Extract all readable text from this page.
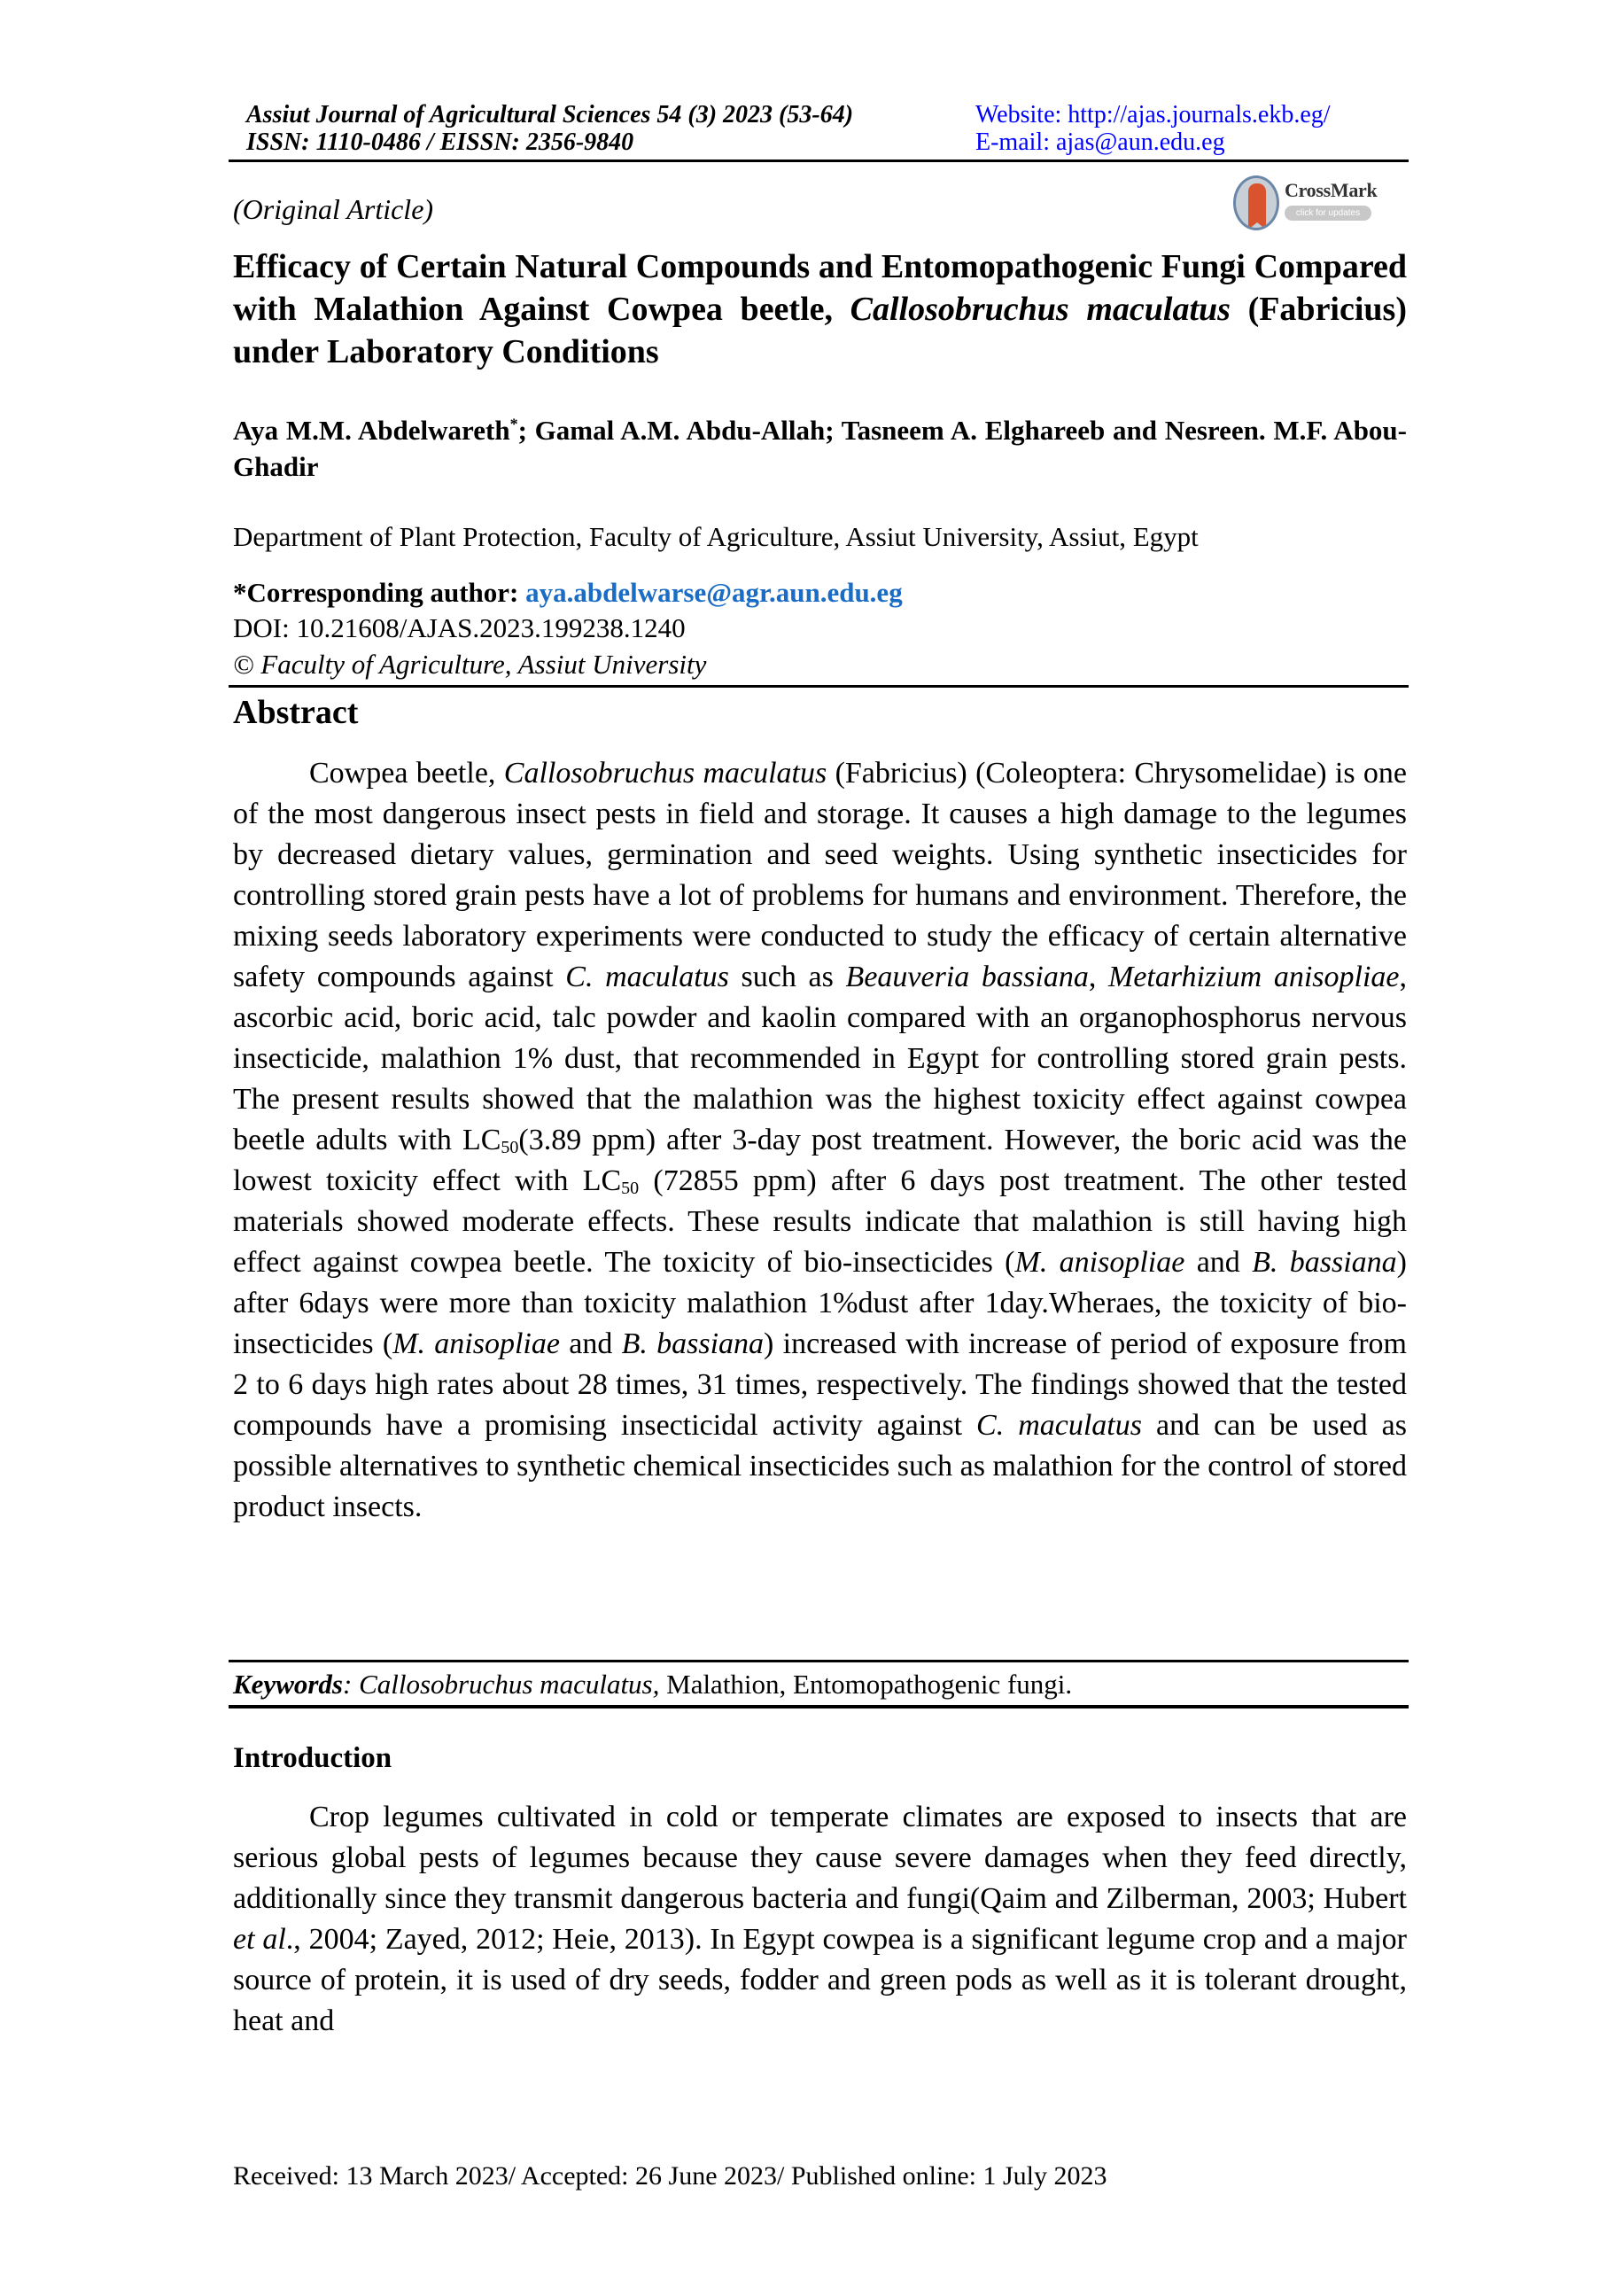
Assiut Journal of Agricultural Sciences 54 (3) 2023 (53-64)
ISSN: 1110-0486 / EISSN: 2356-9840
Website: http://ajas.journals.ekb.eg/
E-mail: ajas@aun.edu.eg
(Original Article)
CrossMark
click for updates
Efficacy of Certain Natural Compounds and Entomopathogenic Fungi Compared with Malathion Against Cowpea beetle, Callosobruchus maculatus (Fabricius) under Laboratory Conditions
Aya M.M. Abdelwareth*; Gamal A.M. Abdu-Allah; Tasneem A. Elghareeb and Nesreen. M.F. Abou-Ghadir
Department of Plant Protection, Faculty of Agriculture, Assiut University, Assiut, Egypt
*Corresponding author: aya.abdelwarse@agr.aun.edu.eg
DOI: 10.21608/AJAS.2023.199238.1240
© Faculty of Agriculture, Assiut University
Abstract

Cowpea beetle, Callosobruchus maculatus (Fabricius) (Coleoptera: Chrysomelidae) is one of the most dangerous insect pests in field and storage. It causes a high damage to the legumes by decreased dietary values, germination and seed weights. Using synthetic insecticides for controlling stored grain pests have a lot of problems for humans and environment. Therefore, the mixing seeds laboratory experiments were conducted to study the efficacy of certain alternative safety compounds against C. maculatus such as Beauveria bassiana, Metarhizium anisopliae, ascorbic acid, boric acid, talc powder and kaolin compared with an organophosphorus nervous insecticide, malathion 1% dust, that recommended in Egypt for controlling stored grain pests. The present results showed that the malathion was the highest toxicity effect against cowpea beetle adults with $LC_{50}(3.89$ ppm) after 3-day post treatment. However, the boric acid was the lowest toxicity effect with $LC_{50}$ (72855 ppm) after 6 days post treatment. The other tested materials showed moderate effects. These results indicate that malathion is still having high effect against cowpea beetle. The toxicity of bio-insecticides (M. anisopliae and B. bassiana) after 6days were more than toxicity malathion 1%dust after 1day.Wheraes, the toxicity of bio-insecticides (M. anisopliae and B. bassiana) increased with increase of period of exposure from 2 to 6 days high rates about 28 times, 31 times, respectively. The findings showed that the tested compounds have a promising insecticidal activity against C. maculatus and can be used as possible alternatives to synthetic chemical insecticides such as malathion for the control of stored product insects.

Keywords: Callosobruchus maculatus, Malathion, Entomopathogenic fungi.
Introduction

Crop legumes cultivated in cold or temperate climates are exposed to insects that are serious global pests of legumes because they cause severe damages when they feed directly, additionally since they transmit dangerous bacteria and fungi(Qaim and Zilberman, 2003; Hubert et al., 2004; Zayed, 2012; Heie, 2013). In Egypt cowpea is a significant legume crop and a major source of protein, it is used of dry seeds, fodder and green pods as well as it is tolerant drought, heat and

Received: 13 March 2023/ Accepted: 26 June 2023/ Published online: 1 July 2023
